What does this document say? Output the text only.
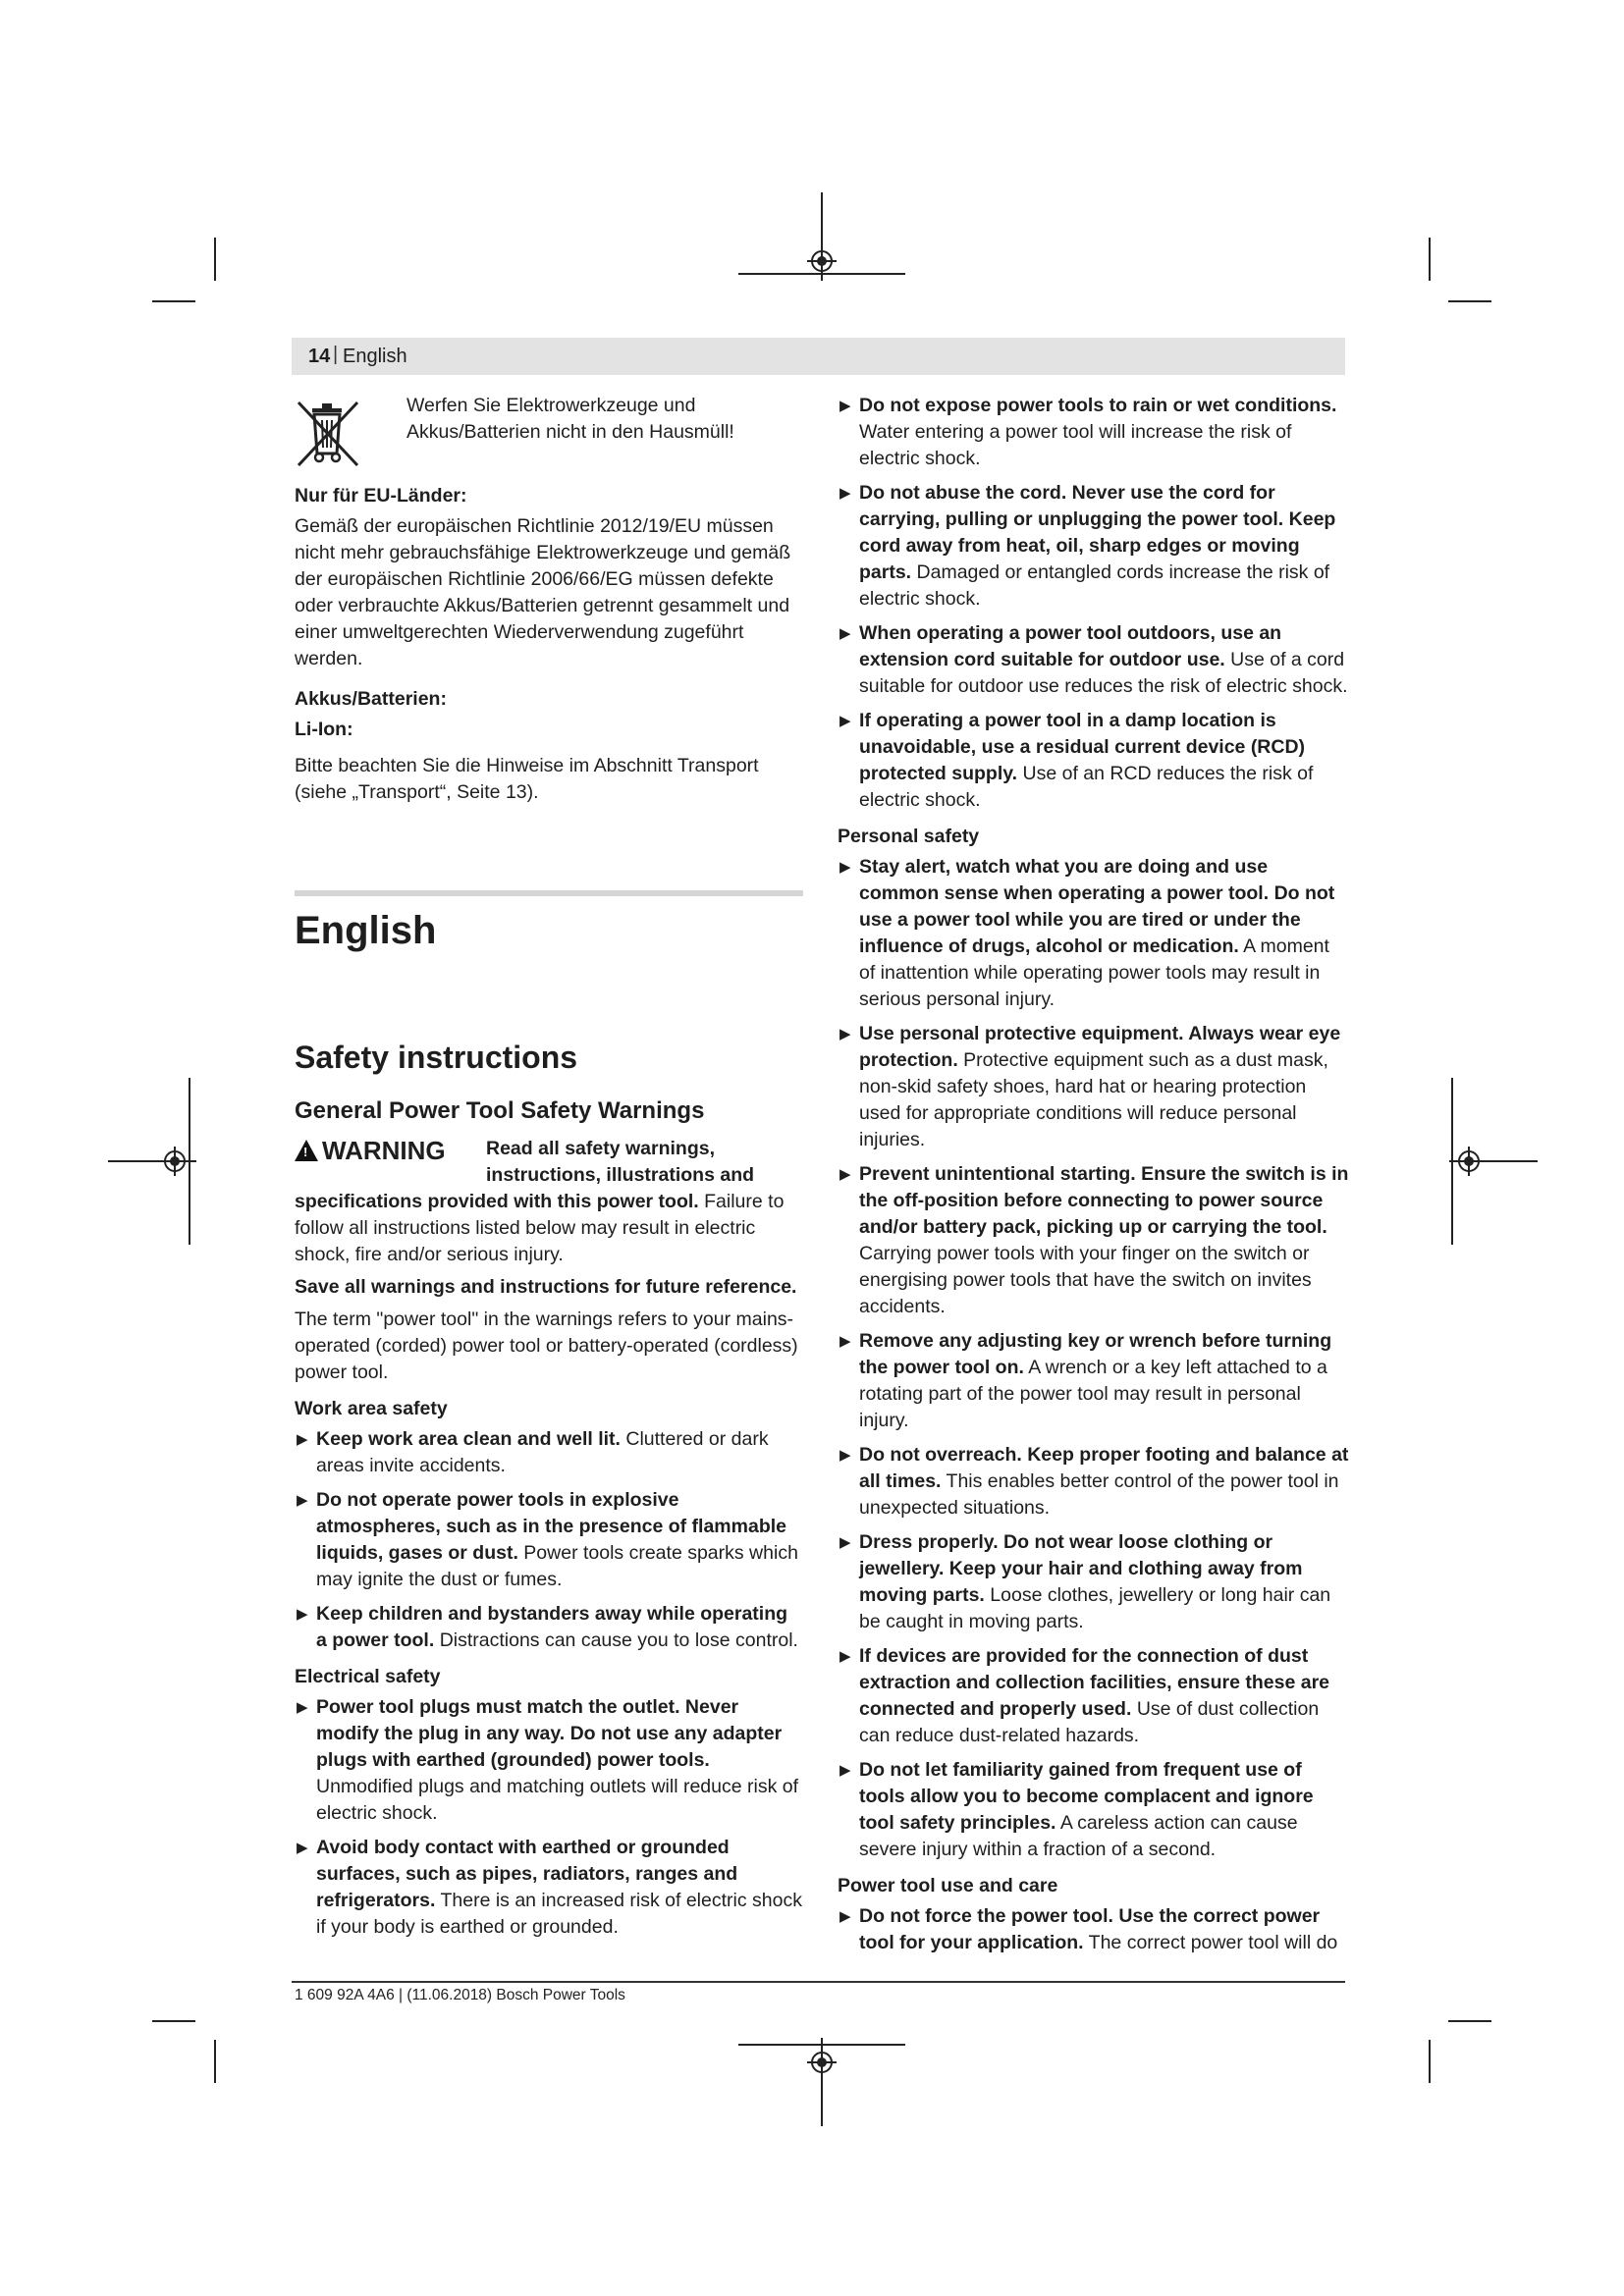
14 | English

Werfen Sie Elektrowerkzeuge und Akkus/Batterien nicht in den Hausmüll!

Nur für EU-Länder:

Gemäß der europäischen Richtlinie 2012/19/EU müssen nicht mehr gebrauchsfähige Elektrowerkzeuge und gemäß der europäischen Richtlinie 2006/66/EG müssen defekte oder verbrauchte Akkus/Batterien getrennt gesammelt und einer umweltgerechten Wiederverwendung zugeführt werden.

Akkus/Batterien:

Li-Ion:

Bitte beachten Sie die Hinweise im Abschnitt Transport (siehe „Transport“, Seite 13).

English

Safety instructions

General Power Tool Safety Warnings

!WARNING	Read all safety warnings, instructions, illustrations and specifications provided with this power tool. Failure to follow all instructions listed below may result in electric shock, fire and/or serious injury.

Save all warnings and instructions for future reference.

The term "power tool" in the warnings refers to your mains-operated (corded) power tool or battery-operated (cordless) power tool.

Work area safety

▶ Keep work area clean and well lit. Cluttered or dark areas invite accidents.
▶ Do not operate power tools in explosive atmospheres, such as in the presence of flammable liquids, gases or dust. Power tools create sparks which may ignite the dust or fumes.
▶ Keep children and bystanders away while operating a power tool. Distractions can cause you to lose control.

Electrical safety

▶ Power tool plugs must match the outlet. Never modify the plug in any way. Do not use any adapter plugs with earthed (grounded) power tools. Unmodified plugs and matching outlets will reduce risk of electric shock.
▶ Avoid body contact with earthed or grounded surfaces, such as pipes, radiators, ranges and refrigerators. There is an increased risk of electric shock if your body is earthed or grounded.
▶ Do not expose power tools to rain or wet conditions. Water entering a power tool will increase the risk of electric shock.
▶ Do not abuse the cord. Never use the cord for carrying, pulling or unplugging the power tool. Keep cord away from heat, oil, sharp edges or moving parts. Damaged or entangled cords increase the risk of electric shock.
▶ When operating a power tool outdoors, use an extension cord suitable for outdoor use. Use of a cord suitable for outdoor use reduces the risk of electric shock.
▶ If operating a power tool in a damp location is unavoidable, use a residual current device (RCD) protected supply. Use of an RCD reduces the risk of electric shock.

Personal safety

▶ Stay alert, watch what you are doing and use common sense when operating a power tool. Do not use a power tool while you are tired or under the influence of drugs, alcohol or medication. A moment of inattention while operating power tools may result in serious personal injury.
▶ Use personal protective equipment. Always wear eye protection. Protective equipment such as a dust mask, non-skid safety shoes, hard hat or hearing protection used for appropriate conditions will reduce personal injuries.
▶ Prevent unintentional starting. Ensure the switch is in the off-position before connecting to power source and/or battery pack, picking up or carrying the tool. Carrying power tools with your finger on the switch or energising power tools that have the switch on invites accidents.
▶ Remove any adjusting key or wrench before turning the power tool on. A wrench or a key left attached to a rotating part of the power tool may result in personal injury.
▶ Do not overreach. Keep proper footing and balance at all times. This enables better control of the power tool in unexpected situations.
▶ Dress properly. Do not wear loose clothing or jewellery. Keep your hair and clothing away from moving parts. Loose clothes, jewellery or long hair can be caught in moving parts.
▶ If devices are provided for the connection of dust extraction and collection facilities, ensure these are connected and properly used. Use of dust collection can reduce dust-related hazards.
▶ Do not let familiarity gained from frequent use of tools allow you to become complacent and ignore tool safety principles. A careless action can cause severe injury within a fraction of a second.

Power tool use and care

▶ Do not force the power tool. Use the correct power tool for your application. The correct power tool will do
1 609 92A 4A6 | (11.06.2018) Bosch Power Tools
